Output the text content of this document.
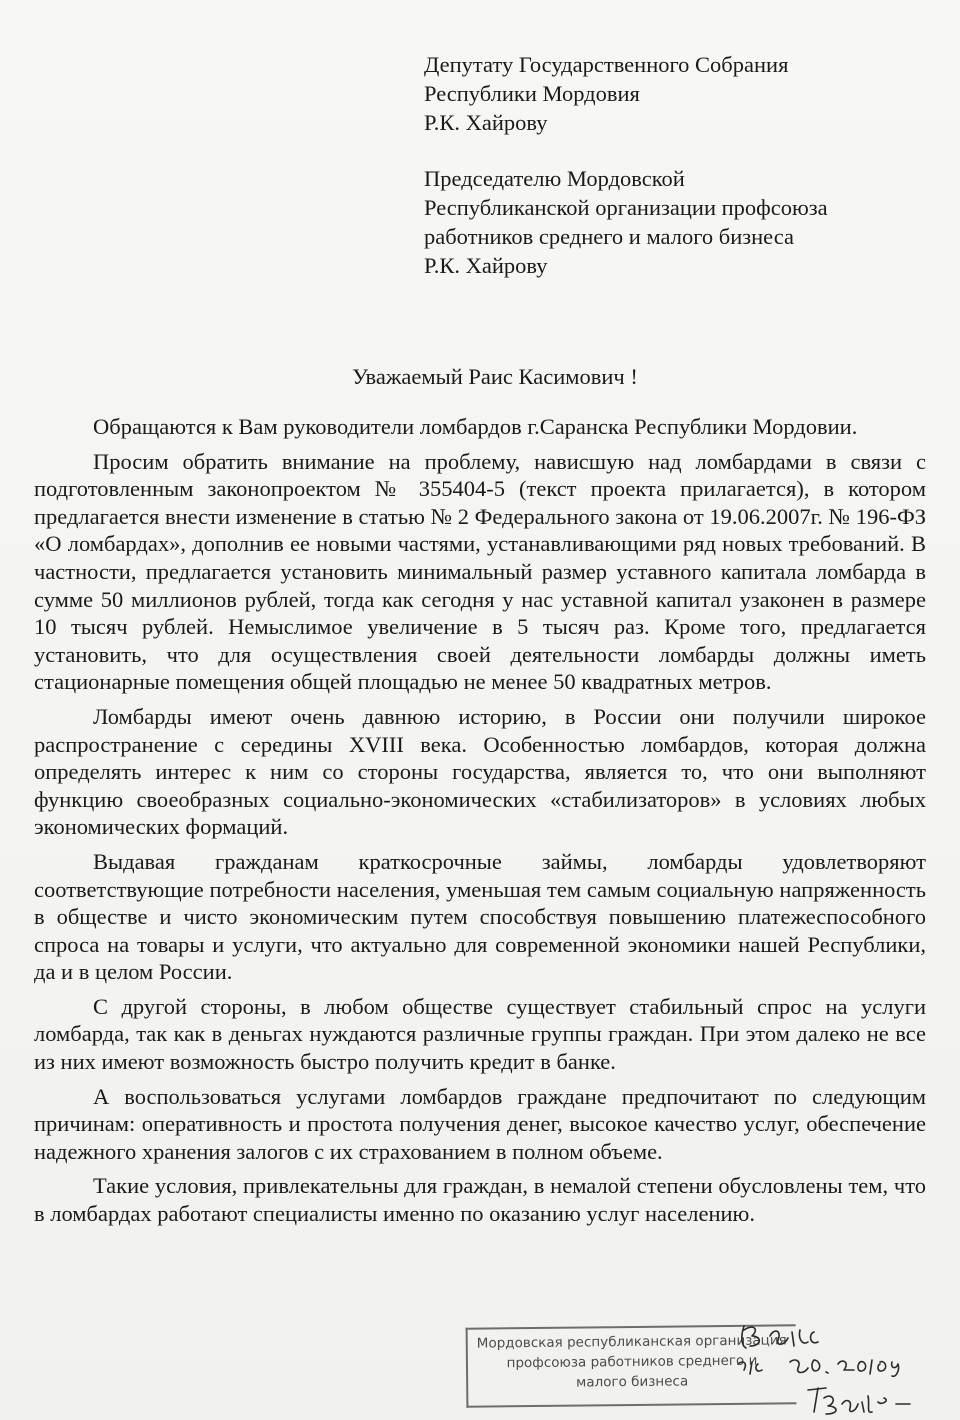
Депутату Государственного Собрания
Республики Мордовия
Р.К. Хайрову
Председателю Мордовской
Республиканской организации профсоюза
работников среднего и малого бизнеса
Р.К. Хайрову
Уважаемый Раис Касимович !

Обращаются к Вам руководители ломбардов г.Саранска Республики Мордовии.

Просим обратить внимание на проблему, нависшую над ломбардами в связи с подготовленным законопроектом № 355404-5 (текст проекта прилагается), в котором предлагается внести изменение в статью № 2 Федерального закона от 19.06.2007г. № 196-ФЗ «О ломбардах», дополнив ее новыми частями, устанавливающими ряд новых требований. В частности, предлагается установить минимальный размер уставного капитала ломбарда в сумме 50 миллионов рублей, тогда как сегодня у нас уставной капитал узаконен в размере 10 тысяч рублей. Немыслимое увеличение в 5 тысяч раз. Кроме того, предлагается установить, что для осуществления своей деятельности ломбарды должны иметь стационарные помещения общей площадью не менее 50 квадратных метров.

Ломбарды имеют очень давнюю историю, в России они получили широкое распространение с середины XVIII века. Особенностью ломбардов, которая должна определять интерес к ним со стороны государства, является то, что они выполняют функцию своеобразных социально-экономических «стабилизаторов» в условиях любых экономических формаций.

Выдавая гражданам краткосрочные займы, ломбарды удовлетворяют соответствующие потребности населения, уменьшая тем самым социальную напряженность в обществе и чисто экономическим путем способствуя повышению платежеспособного спроса на товары и услуги, что актуально для современной экономики нашей Республики, да и в целом России.

С другой стороны, в любом обществе существует стабильный спрос на услуги ломбарда, так как в деньгах нуждаются различные группы граждан. При этом далеко не все из них имеют возможность быстро получить кредит в банке.

А воспользоваться услугами ломбардов граждане предпочитают по следующим причинам: оперативность и простота получения денег, высокое качество услуг, обеспечение надежного хранения залогов с их страхованием в полном объеме.

Такие условия, привлекательны для граждан, в немалой степени обусловлены тем, что в ломбардах работают специалисты именно по оказанию услуг населению.

Мордовская республиканская организация
профсоюза работников среднего и
малого бизнеса
